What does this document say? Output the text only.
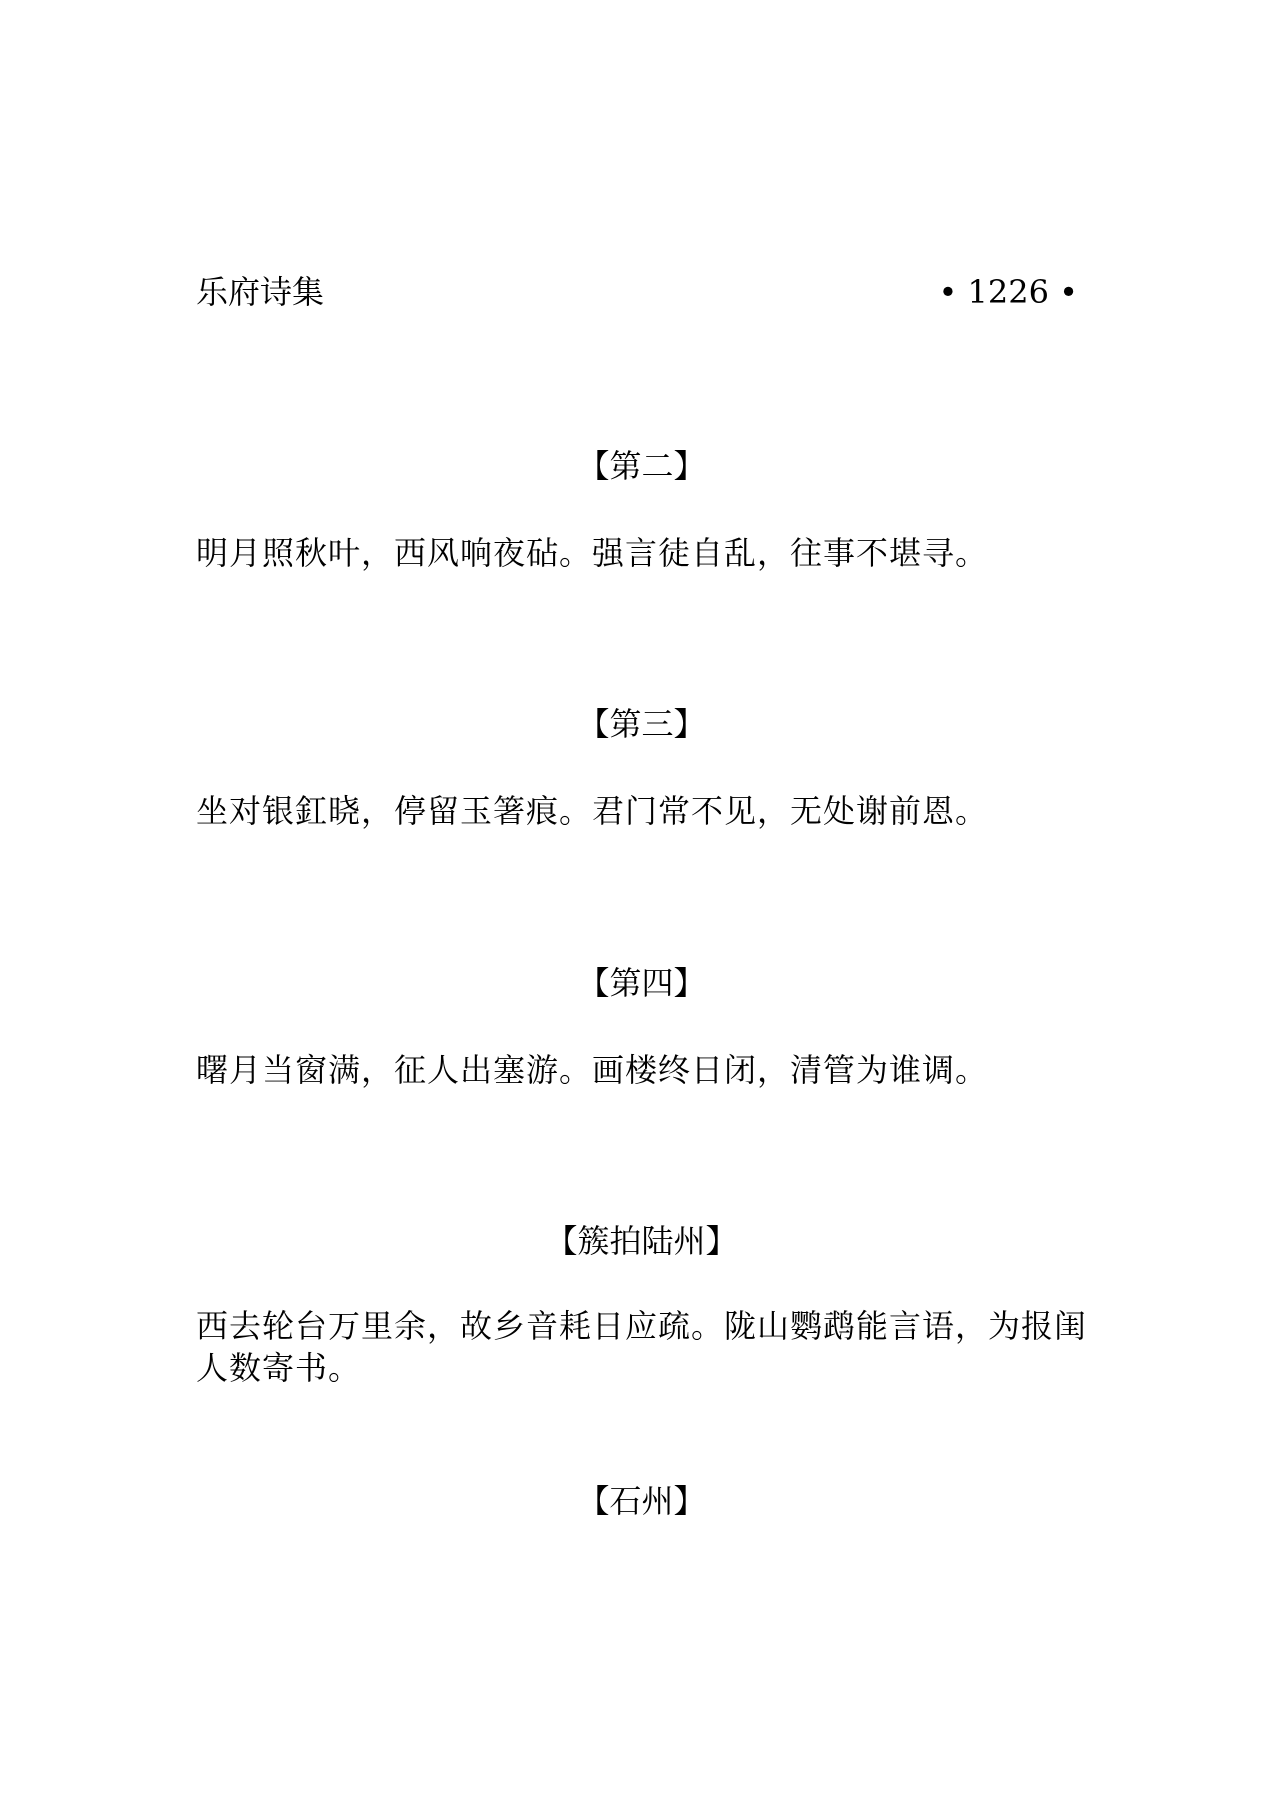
乐府诗集	• 1226 •
【第二】
明月照秋叶，西风响夜砧。强言徒自乱，往事不堪寻。
【第三】
坐对银釭晓，停留玉箸痕。君门常不见，无处谢前恩。
【第四】
曙月当窗满，征人出塞游。画楼终日闭，清管为谁调。
【簇拍陆州】
西去轮台万里余，故乡音耗日应疏。陇山鹦鹉能言语，为报闺人数寄书。
【石州】
